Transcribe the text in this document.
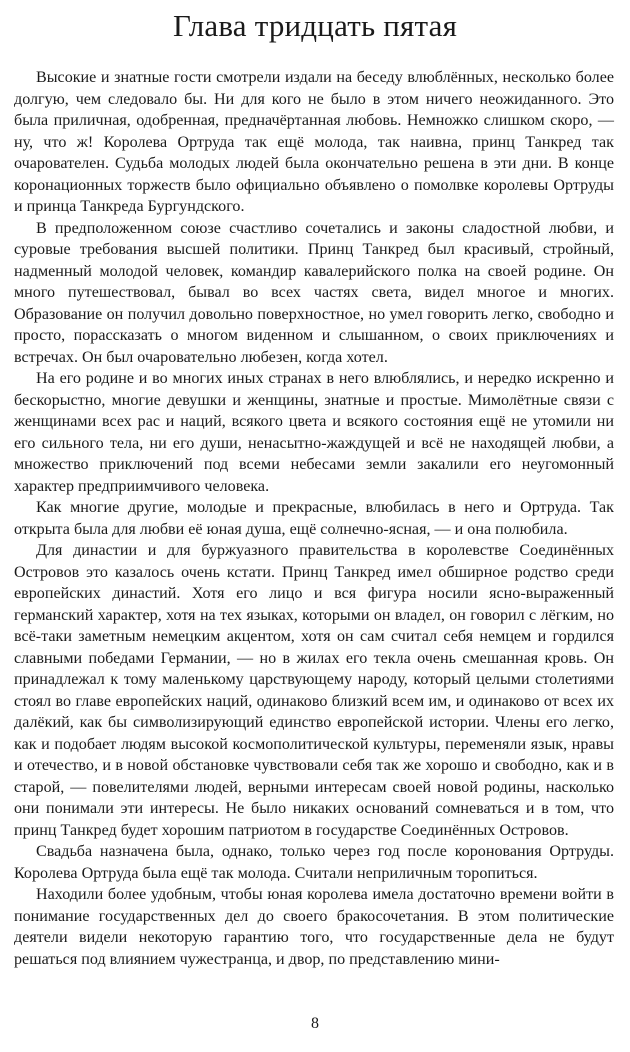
Глава тридцать пятая

Высокие и знатные гости смотрели издали на беседу влюблённых, несколько более долгую, чем следовало бы. Ни для кого не было в этом ничего неожиданного. Это была приличная, одобренная, предначёртанная любовь. Немножко слишком скоро, — ну, что ж! Королева Ортруда так ещё молода, так наивна, принц Танкред так очарователен. Судьба молодых людей была окончательно решена в эти дни. В конце коронационных торжеств было официально объявлено о помолвке королевы Ортруды и принца Танкреда Бургундского.

В предположенном союзе счастливо сочетались и законы сладостной любви, и суровые требования высшей политики. Принц Танкред был красивый, стройный, надменный молодой человек, командир кавалерийского полка на своей родине. Он много путешествовал, бывал во всех частях света, видел многое и многих. Образование он получил довольно поверхностное, но умел говорить легко, свободно и просто, порассказать о многом виденном и слышанном, о своих приключениях и встречах. Он был очаровательно любезен, когда хотел.

На его родине и во многих иных странах в него влюблялись, и нередко искренно и бескорыстно, многие девушки и женщины, знатные и простые. Мимолётные связи с женщинами всех рас и наций, всякого цвета и всякого состояния ещё не утомили ни его сильного тела, ни его души, ненасытно-жаждущей и всё не находящей любви, а множество приключений под всеми небесами земли закалили его неугомонный характер предприимчивого человека.

Как многие другие, молодые и прекрасные, влюбилась в него и Ортруда. Так открыта была для любви её юная душа, ещё солнечно-ясная, — и она полюбила.

Для династии и для буржуазного правительства в королевстве Соединённых Островов это казалось очень кстати. Принц Танкред имел обширное родство среди европейских династий. Хотя его лицо и вся фигура носили ясно-выраженный германский характер, хотя на тех языках, которыми он владел, он говорил с лёгким, но всё-таки заметным немецким акцентом, хотя он сам считал себя немцем и гордился славными победами Германии, — но в жилах его текла очень смешанная кровь. Он принадлежал к тому маленькому царствующему народу, который целыми столетиями стоял во главе европейских наций, одинаково близкий всем им, и одинаково от всех их далёкий, как бы символизирующий единство европейской истории. Члены его легко, как и подобает людям высокой космополитической культуры, переменяли язык, нравы и отечество, и в новой обстановке чувствовали себя так же хорошо и свободно, как и в старой, — повелителями людей, верными интересам своей новой родины, насколько они понимали эти интересы. Не было никаких оснований сомневаться и в том, что принц Танкред будет хорошим патриотом в государстве Соединённых Островов.

Свадьба назначена была, однако, только через год после коронования Ортруды. Королева Ортруда была ещё так молода. Считали неприличным торопиться.

Находили более удобным, чтобы юная королева имела достаточно времени войти в понимание государственных дел до своего бракосочетания. В этом политические деятели видели некоторую гарантию того, что государственные дела не будут решаться под влиянием чужестранца, и двор, по представлению мини-

8
